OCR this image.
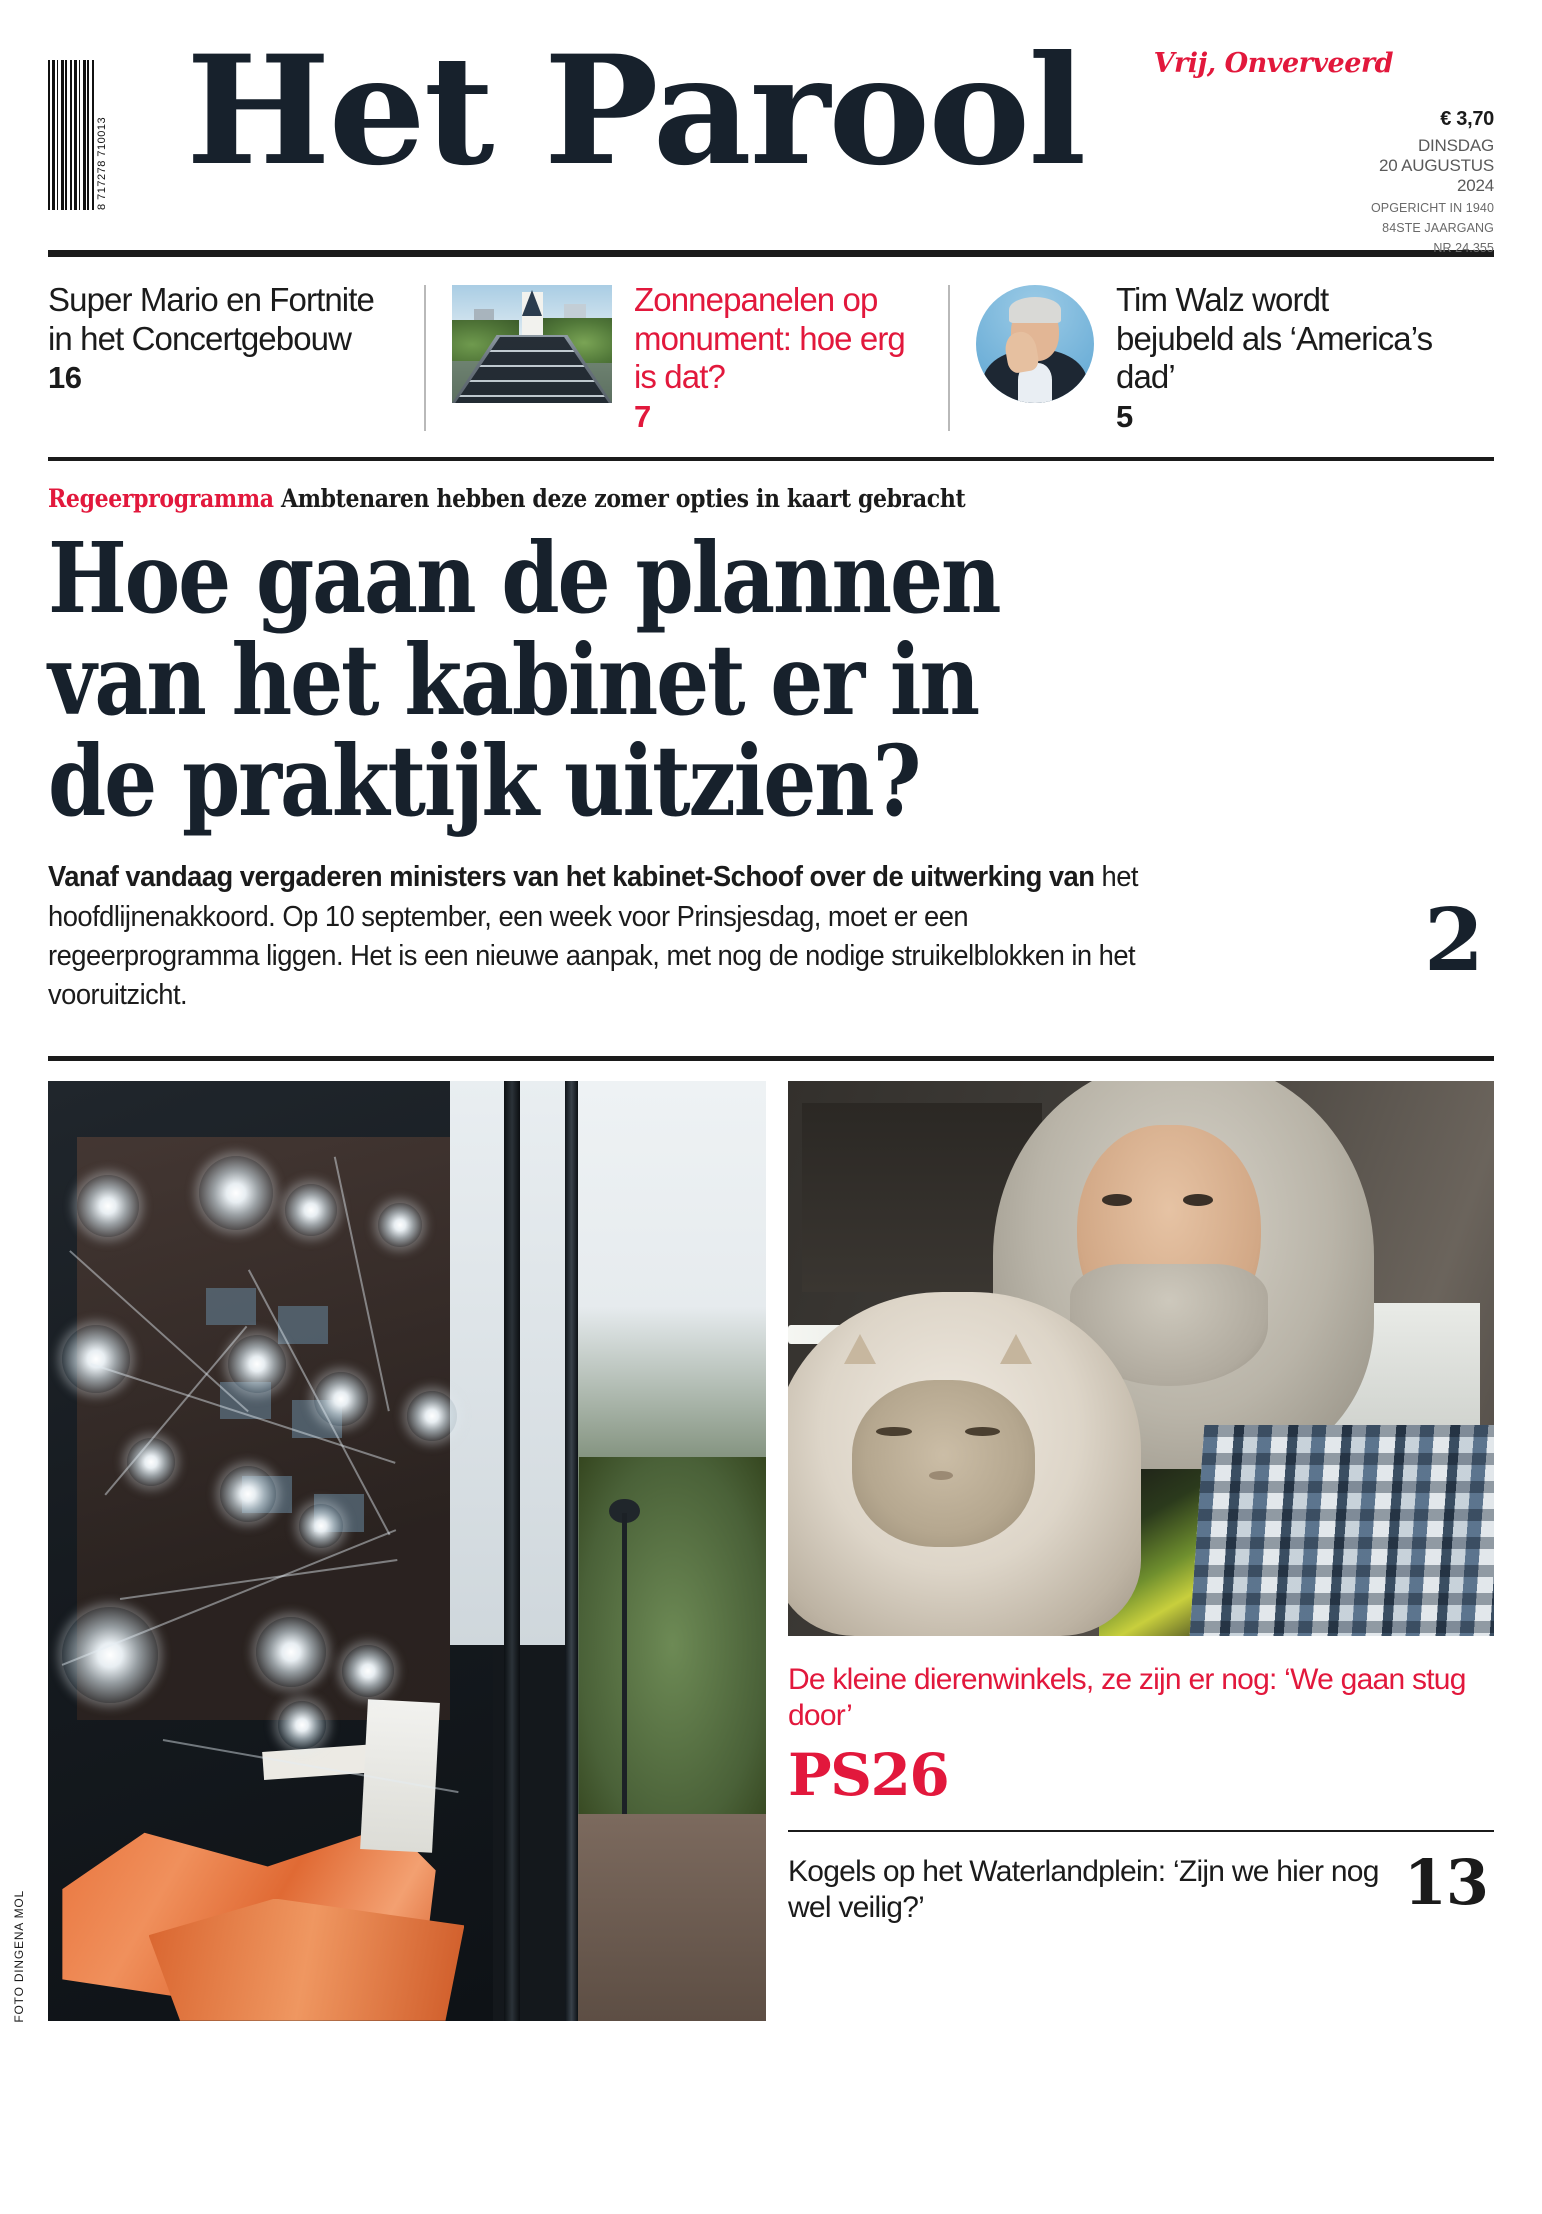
8 717278 710013
Vrij, Onverveerd
Het Parool	€ 3,70
DINSDAG
20 AUGUSTUS
2024
OPGERICHT IN 1940
84STE JAARGANG
NR 24.355
Super Mario en Fortnite in het Concertgebouw
16
Zonnepanelen op monument: hoe erg is dat?
7
Tim Walz wordt bejubeld als ‘America’s dad’
5
Regeerprogramma Ambtenaren hebben deze zomer opties in kaart gebracht
Hoe gaan de plannen
van het kabinet er in
de praktijk uitzien?
Vanaf vandaag vergaderen ministers van het kabinet-Schoof over de uitwerking van het hoofdlijnenakkoord. Op 10 september, een week voor Prinsjesdag, moet er een regeerprogramma liggen. Het is een nieuwe aanpak, met nog de nodige struikelblokken in het vooruitzicht.
2
FOTO DINGENA MOL
De kleine dierenwinkels, ze zijn er nog: ‘We gaan stug door’
PS26
Kogels op het Waterlandplein: ‘Zijn we hier nog wel veilig?’	13
